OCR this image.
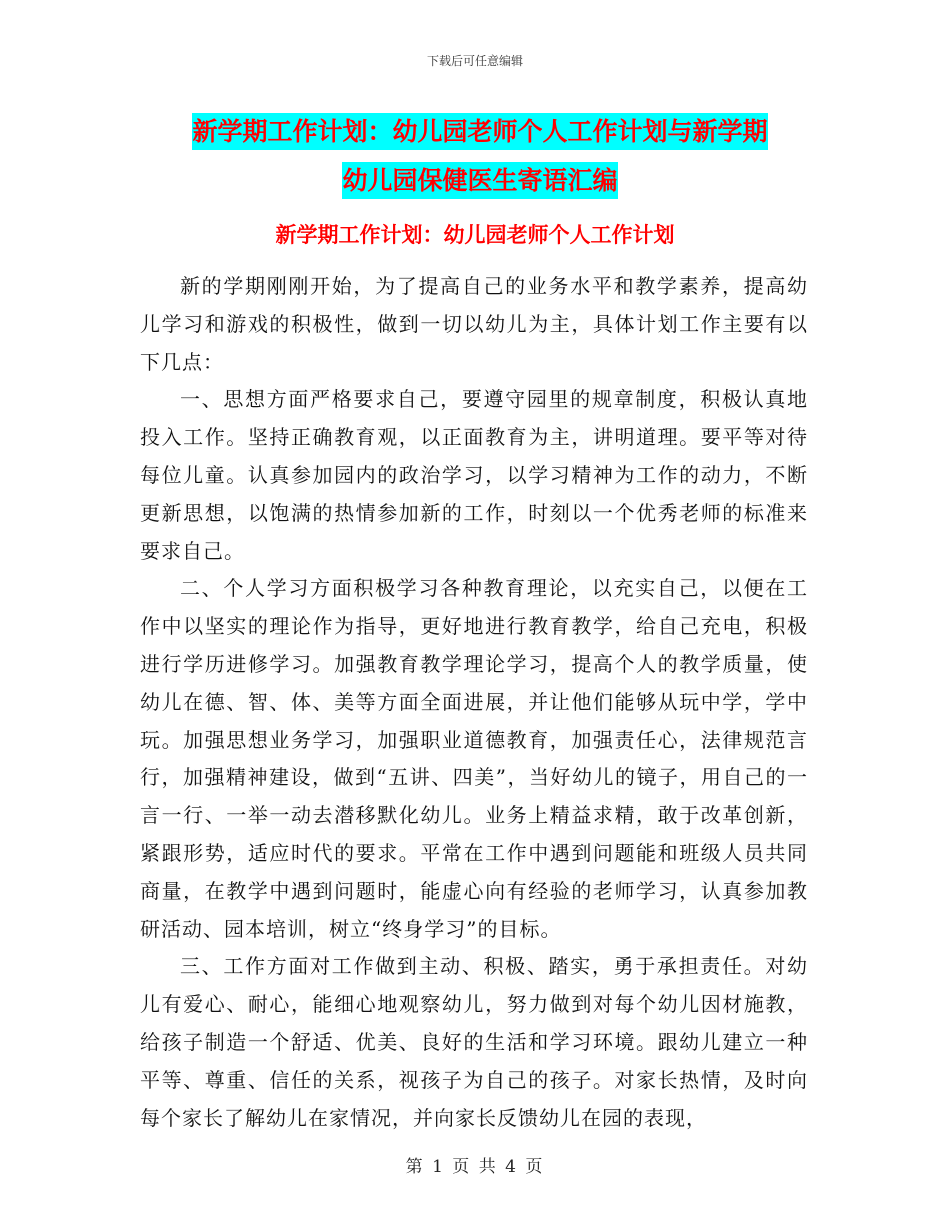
下载后可任意编辑
新学期工作计划：幼儿园老师个人工作计划与新学期
幼儿园保健医生寄语汇编
新学期工作计划：幼儿园老师个人工作计划

新的学期刚刚开始，为了提高自己的业务水平和教学素养，提高幼儿学习和游戏的积极性，做到一切以幼儿为主，具体计划工作主要有以下几点：

一、思想方面严格要求自己，要遵守园里的规章制度，积极认真地投入工作。坚持正确教育观，以正面教育为主，讲明道理。要平等对待每位儿童。认真参加园内的政治学习，以学习精神为工作的动力，不断更新思想，以饱满的热情参加新的工作，时刻以一个优秀老师的标准来要求自己。

二、个人学习方面积极学习各种教育理论，以充实自己，以便在工作中以坚实的理论作为指导，更好地进行教育教学，给自己充电，积极进行学历进修学习。加强教育教学理论学习，提高个人的教学质量，使幼儿在德、智、体、美等方面全面进展，并让他们能够从玩中学，学中玩。加强思想业务学习，加强职业道德教育，加强责任心，法律规范言行，加强精神建设，做到“五讲、四美”，当好幼儿的镜子，用自己的一言一行、一举一动去潜移默化幼儿。业务上精益求精，敢于改革创新，紧跟形势，适应时代的要求。平常在工作中遇到问题能和班级人员共同商量，在教学中遇到问题时，能虚心向有经验的老师学习，认真参加教研活动、园本培训，树立“终身学习”的目标。

三、工作方面对工作做到主动、积极、踏实，勇于承担责任。对幼儿有爱心、耐心，能细心地观察幼儿，努力做到对每个幼儿因材施教，给孩子制造一个舒适、优美、良好的生活和学习环境。跟幼儿建立一种平等、尊重、信任的关系，视孩子为自己的孩子。对家长热情，及时向每个家长了解幼儿在家情况，并向家长反馈幼儿在园的表现，

第 1 页 共 4 页
